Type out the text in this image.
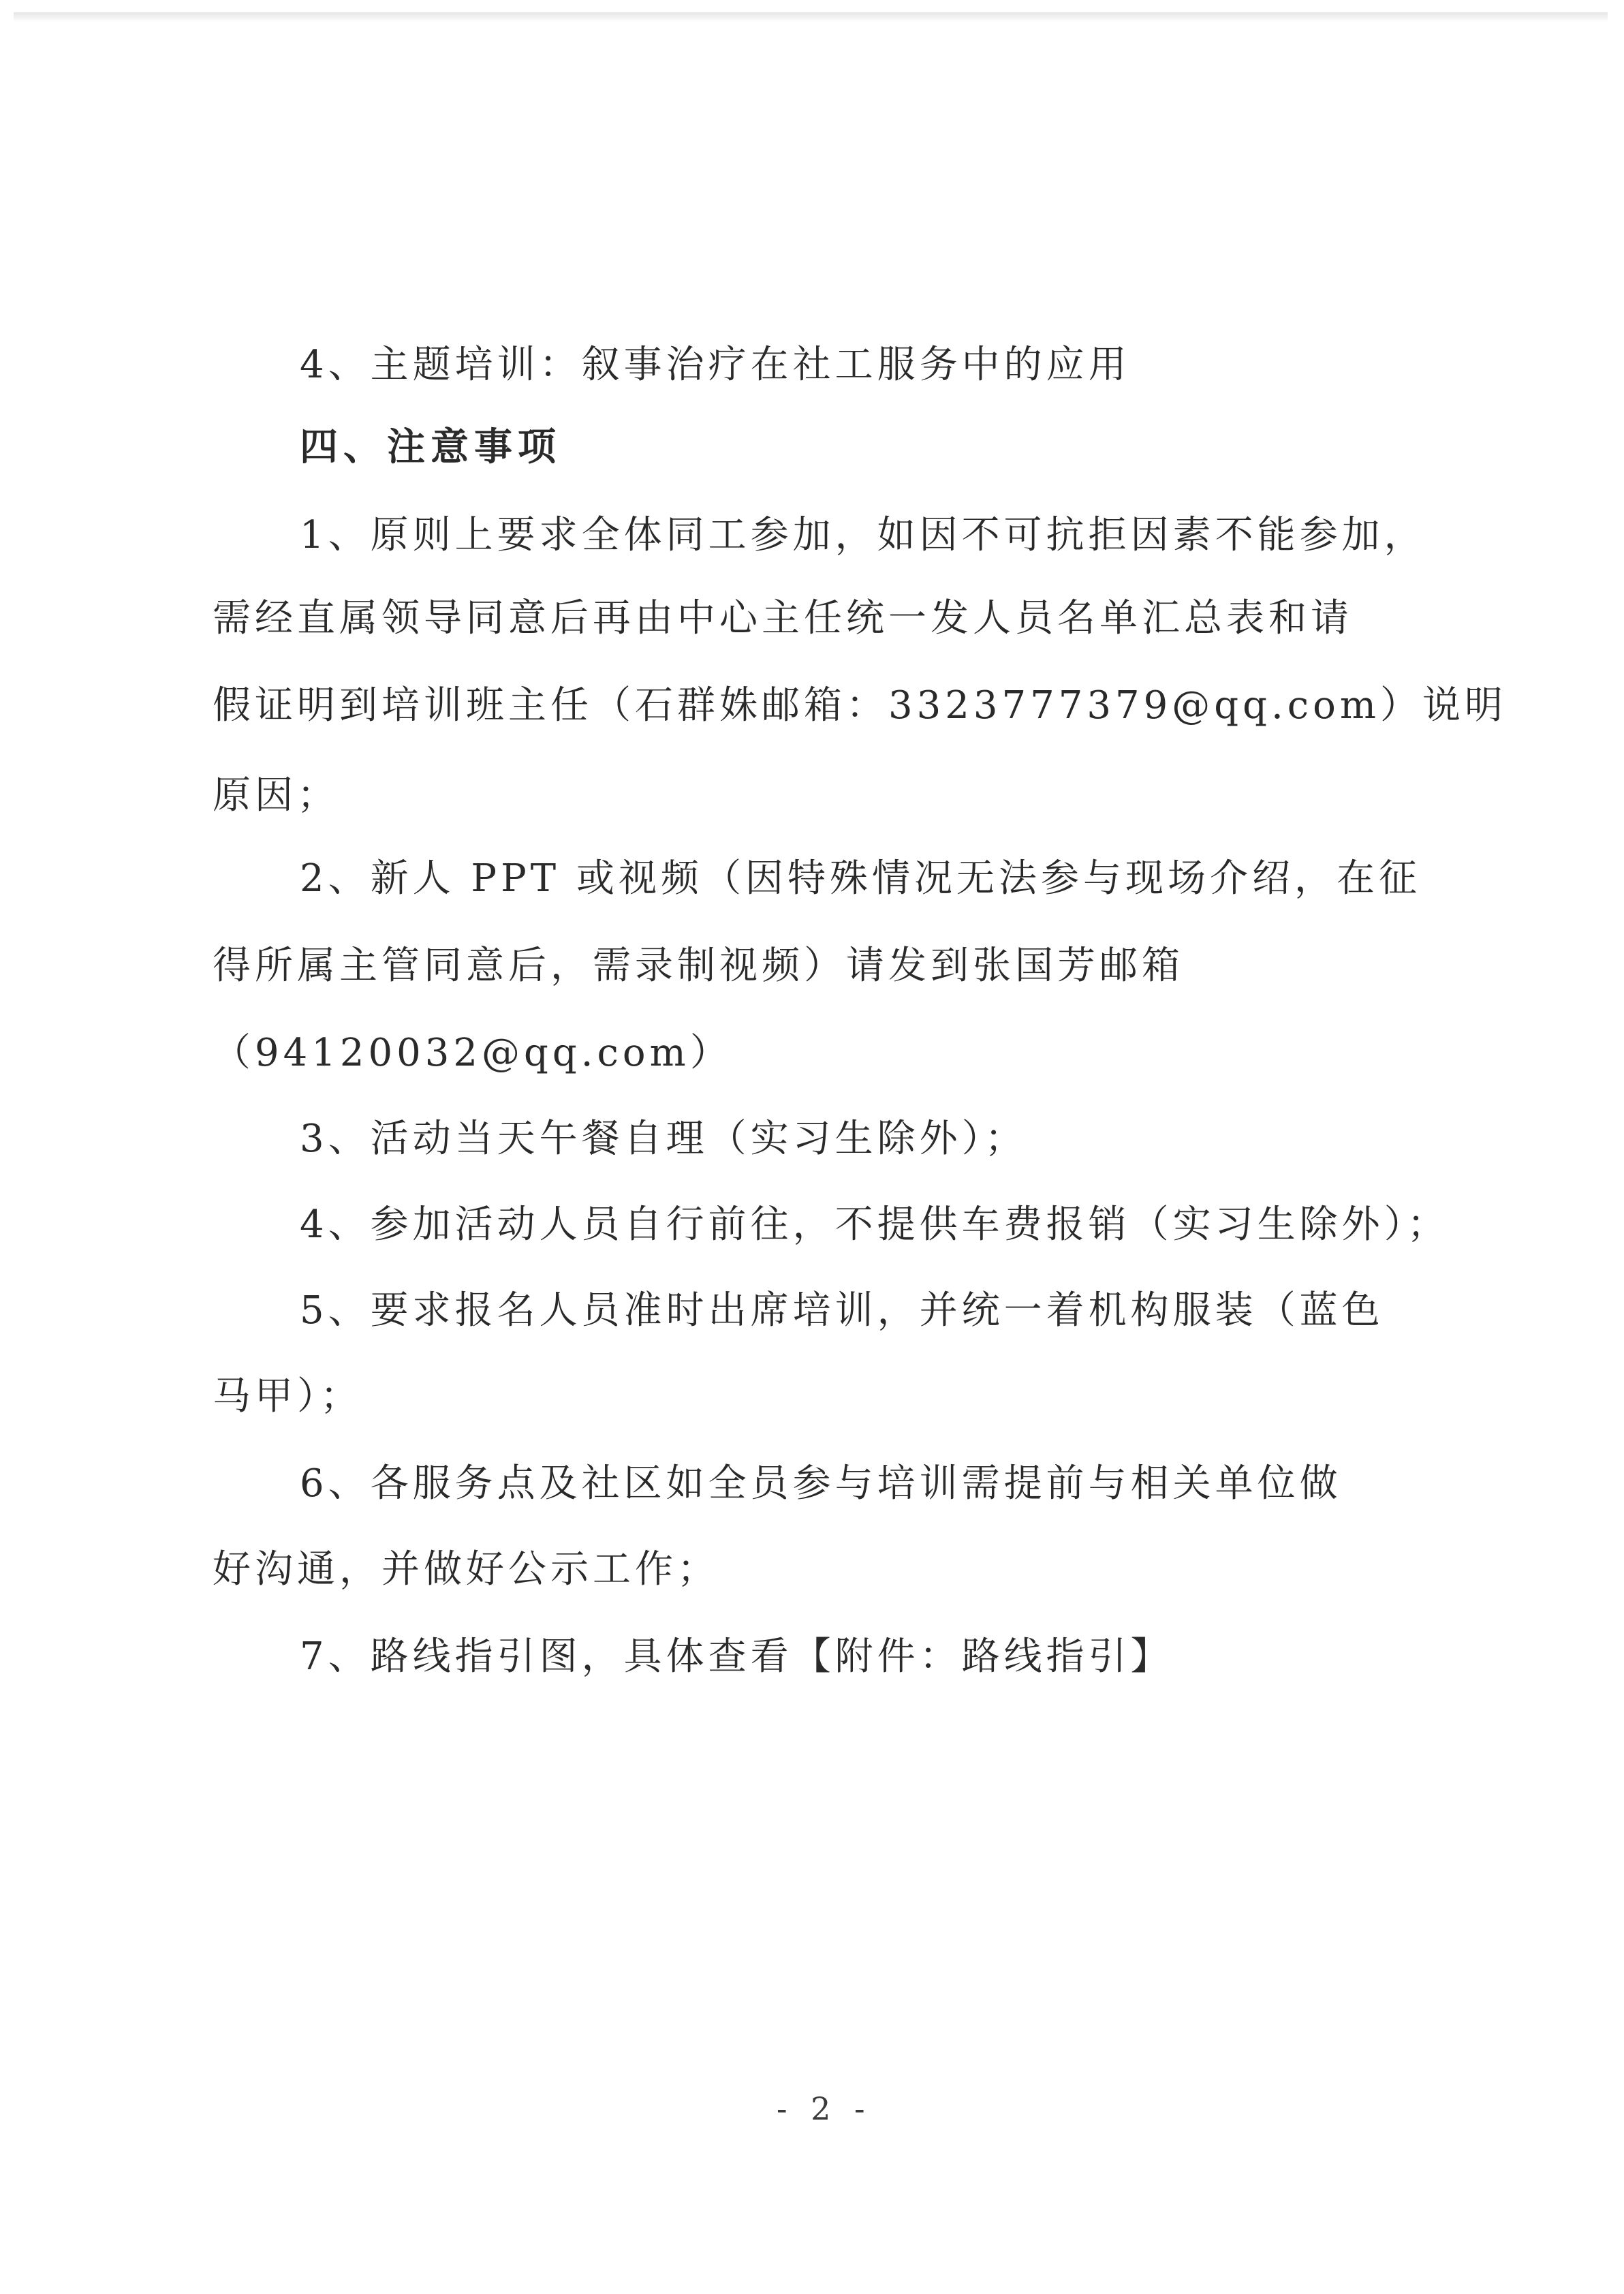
4、主题培训：叙事治疗在社工服务中的应用

四、注意事项

1、原则上要求全体同工参加，如因不可抗拒因素不能参加，

需经直属领导同意后再由中心主任统一发人员名单汇总表和请

假证明到培训班主任（石群姝邮箱：3323777379@qq.com）说明

原因；

2、新人 PPT 或视频（因特殊情况无法参与现场介绍，在征

得所属主管同意后，需录制视频）请发到张国芳邮箱

（94120032@qq.com）

3、活动当天午餐自理（实习生除外）；

4、参加活动人员自行前往，不提供车费报销（实习生除外）；

5、要求报名人员准时出席培训，并统一着机构服装（蓝色

马甲）；

6、各服务点及社区如全员参与培训需提前与相关单位做

好沟通，并做好公示工作；

7、路线指引图，具体查看【附件：路线指引】

- 2 -
